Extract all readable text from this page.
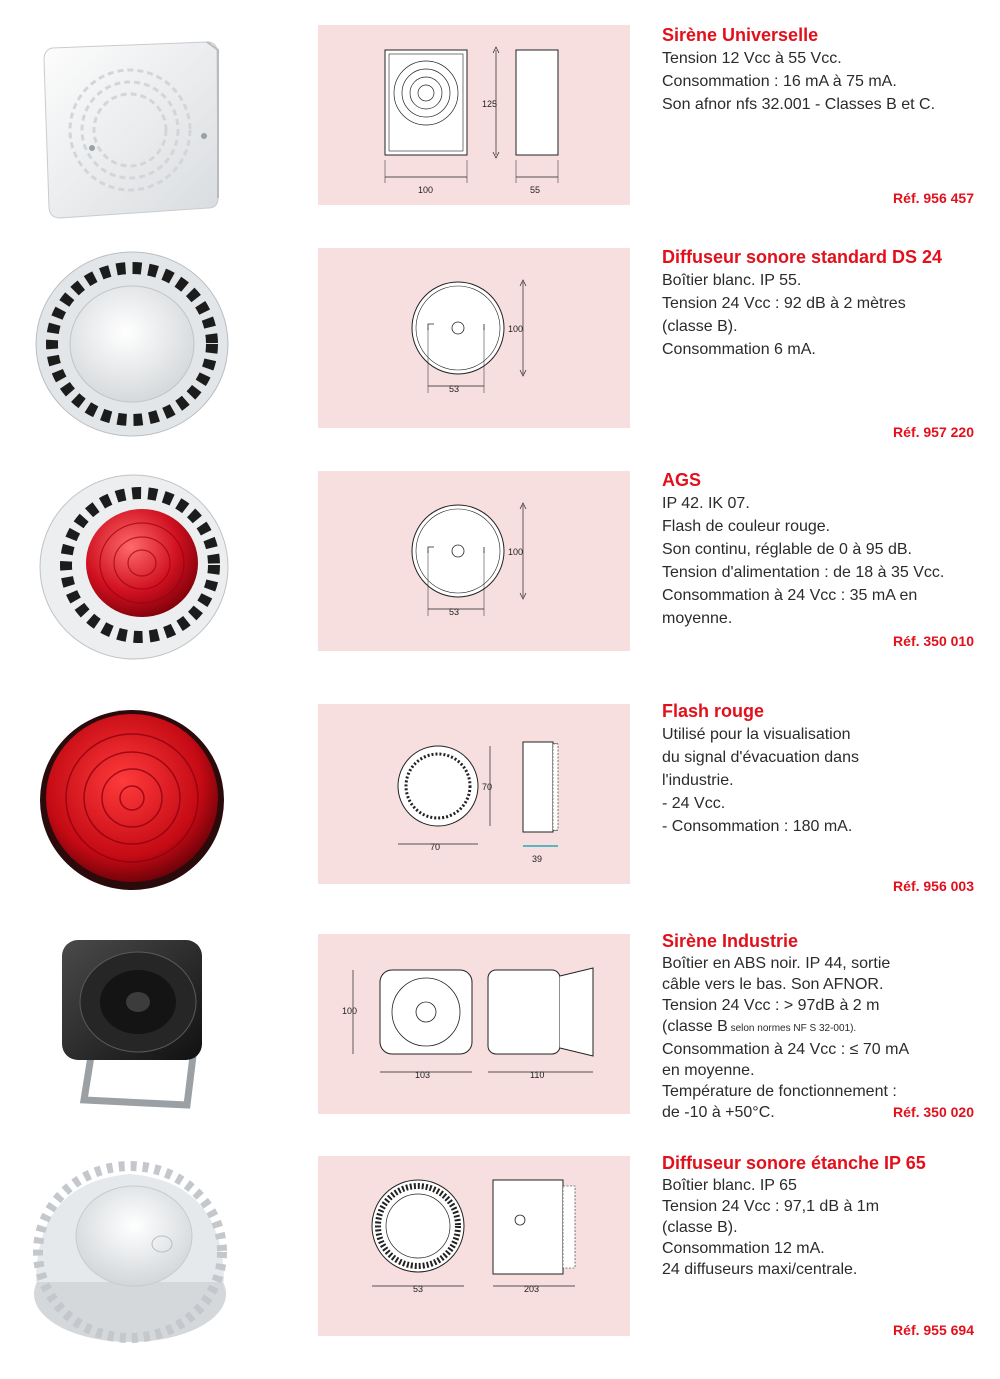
125
100	55
Sirène Universelle
Tension 12 Vcc à 55 Vcc.
Consommation : 16 mA à 75 mA.
Son afnor nfs 32.001 - Classes B et C.
Réf. 956 457
100
53
Diffuseur sonore standard DS 24
Boîtier blanc. IP 55.
Tension 24 Vcc : 92 dB à 2 mètres
(classe B).
Consommation 6 mA.
Réf. 957 220
100
53
AGS
IP 42. IK 07.
Flash de couleur rouge.
Son continu, réglable de 0 à 95 dB.
Tension d'alimentation : de 18 à 35 Vcc.
Consommation à 24 Vcc : 35 mA en
moyenne.
Réf. 350 010
70
70
39
Flash rouge
Utilisé pour la visualisation
du signal d'évacuation dans
l'industrie.
- 24 Vcc.
- Consommation : 180 mA.
Réf. 956 003
100
103	110
Sirène Industrie
Boîtier en ABS noir. IP 44, sortie
câble vers le bas. Son AFNOR.
Tension 24 Vcc : > 97dB à 2 m
(classe B selon normes NF S 32-001).
Consommation à 24 Vcc : ≤ 70 mA
en moyenne.
Température de fonctionnement :
de -10 à +50°C.	Réf. 350 020
53	203
Diffuseur sonore étanche IP 65
Boîtier blanc. IP 65
Tension 24 Vcc : 97,1 dB à 1m
(classe B).
Consommation 12 mA.
24 diffuseurs maxi/centrale.
Réf. 955 694
